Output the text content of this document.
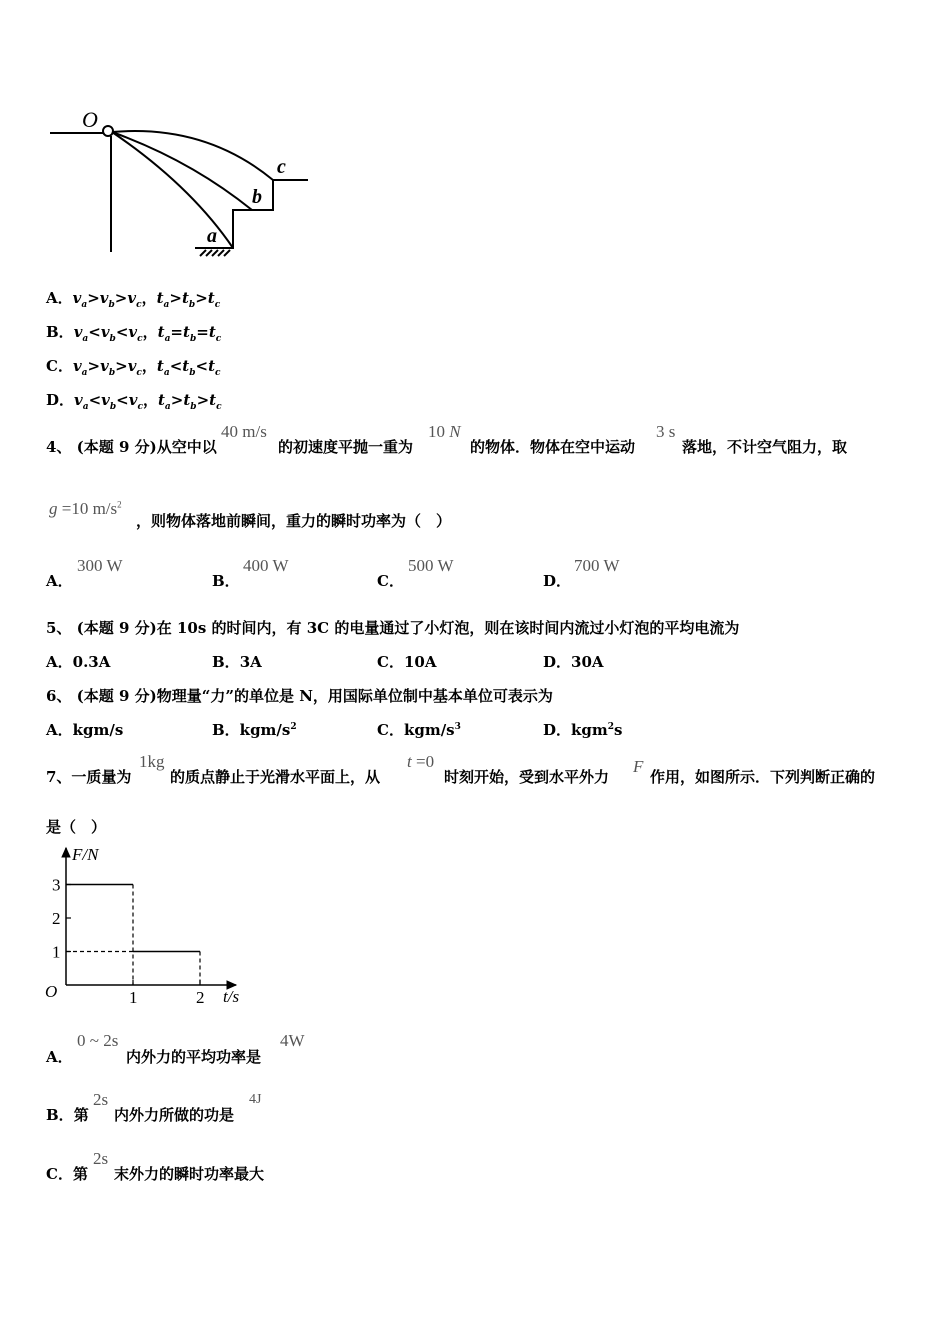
O
a
b
c
A．$v_a>v_b>v_c$，$t_a>t_b>t_c$
B．$v_a<v_b<v_c$，$t_a=t_b=t_c$
C．$v_a>v_b>v_c$，$t_a<t_b<t_c$
D．$v_a<v_b<v_c$，$t_a>t_b>t_c$
4、 (本题 9 分)从空中以
40 m/s
的初速度平抛一重为
10 N
的物体．物体在空中运动
3 s
落地，不计空气阻力，取
g =10 $m/s^2$
，则物体落地前瞬间，重力的瞬时功率为（　）
A．
300 W
B．
400 W
C．
500 W
D．
700 W
5、 (本题 9 分)在 10s 的时间内，有 3C 的电量通过了小灯泡，则在该时间内流过小灯泡的平均电流为
A．0.3A	B．3A	C．10A	D．30A
6、 (本题 9 分)物理量“力”的单位是 N，用国际单位制中基本单位可表示为
A．kgm/s	B．kgm/$s^2$	C．kgm/$s^3$	D．kgm$^2$s
7、一质量为
1kg
的质点静止于光滑水平面上，从
t =0
时刻开始，受到水平外力
F
作用，如图所示．下列判断正确的
是（　）
1
2
3
1	2
F/N
t/s
O
A．
0 ~ 2s
内外力的平均功率是
4W
B．第
2s
内外力所做的功是
4J
C．第
2s
末外力的瞬时功率最大
